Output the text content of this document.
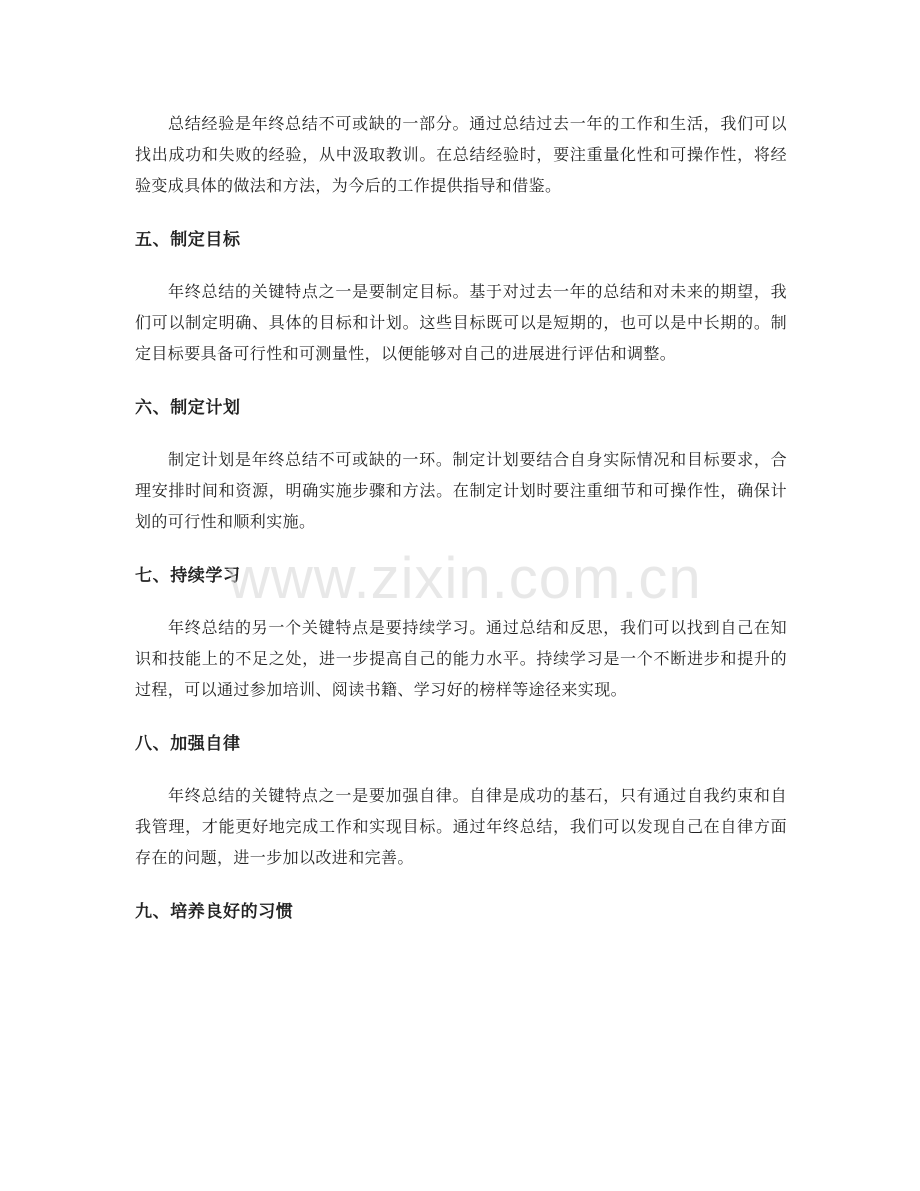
总结经验是年终总结不可或缺的一部分。通过总结过去一年的工作和生活，我们可以找出成功和失败的经验，从中汲取教训。在总结经验时，要注重量化性和可操作性，将经验变成具体的做法和方法，为今后的工作提供指导和借鉴。

五、制定目标

年终总结的关键特点之一是要制定目标。基于对过去一年的总结和对未来的期望，我们可以制定明确、具体的目标和计划。这些目标既可以是短期的，也可以是中长期的。制定目标要具备可行性和可测量性，以便能够对自己的进展进行评估和调整。

六、制定计划

制定计划是年终总结不可或缺的一环。制定计划要结合自身实际情况和目标要求，合理安排时间和资源，明确实施步骤和方法。在制定计划时要注重细节和可操作性，确保计划的可行性和顺利实施。

七、持续学习

年终总结的另一个关键特点是要持续学习。通过总结和反思，我们可以找到自己在知识和技能上的不足之处，进一步提高自己的能力水平。持续学习是一个不断进步和提升的过程，可以通过参加培训、阅读书籍、学习好的榜样等途径来实现。

八、加强自律

年终总结的关键特点之一是要加强自律。自律是成功的基石，只有通过自我约束和自我管理，才能更好地完成工作和实现目标。通过年终总结，我们可以发现自己在自律方面存在的问题，进一步加以改进和完善。

九、培养良好的习惯
www.zixin.com.cn
